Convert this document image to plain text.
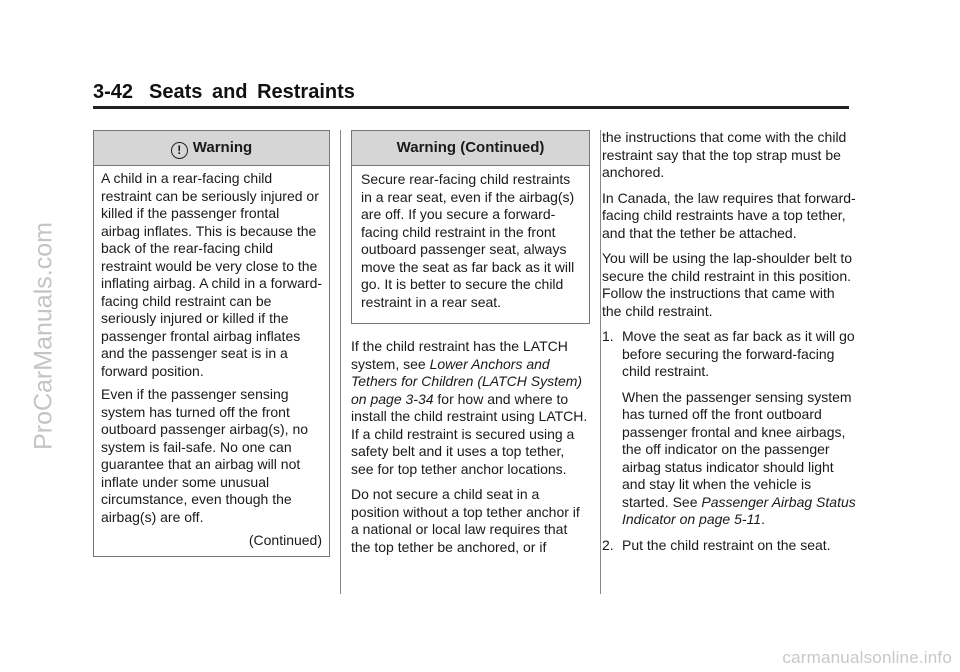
ProCarManuals.com
carmanualsonline.info
3-42 Seats and Restraints
! Warning

A child in a rear-facing child restraint can be seriously injured or killed if the passenger frontal airbag inflates. This is because the back of the rear-facing child restraint would be very close to the inflating airbag. A child in a forward-facing child restraint can be seriously injured or killed if the passenger frontal airbag inflates and the passenger seat is in a forward position.

Even if the passenger sensing system has turned off the front outboard passenger airbag(s), no system is fail-safe. No one can guarantee that an airbag will not inflate under some unusual circumstance, even though the airbag(s) are off.

(Continued)
Warning (Continued)

Secure rear-facing child restraints in a rear seat, even if the airbag(s) are off. If you secure a forward-facing child restraint in the front outboard passenger seat, always move the seat as far back as it will go. It is better to secure the child restraint in a rear seat.

If the child restraint has the LATCH system, see Lower Anchors and Tethers for Children (LATCH System) on page 3-34 for how and where to install the child restraint using LATCH. If a child restraint is secured using a safety belt and it uses a top tether, see for top tether anchor locations.

Do not secure a child seat in a position without a top tether anchor if a national or local law requires that the top tether be anchored, or if

the instructions that come with the child restraint say that the top strap must be anchored.

In Canada, the law requires that forward-facing child restraints have a top tether, and that the tether be attached.

You will be using the lap-shoulder belt to secure the child restraint in this position. Follow the instructions that came with the child restraint.

1. Move the seat as far back as it will go before securing the forward-facing child restraint.
When the passenger sensing system has turned off the front outboard passenger frontal and knee airbags, the off indicator on the passenger airbag status indicator should light and stay lit when the vehicle is started. See Passenger Airbag Status Indicator on page 5-11.
2. Put the child restraint on the seat.
